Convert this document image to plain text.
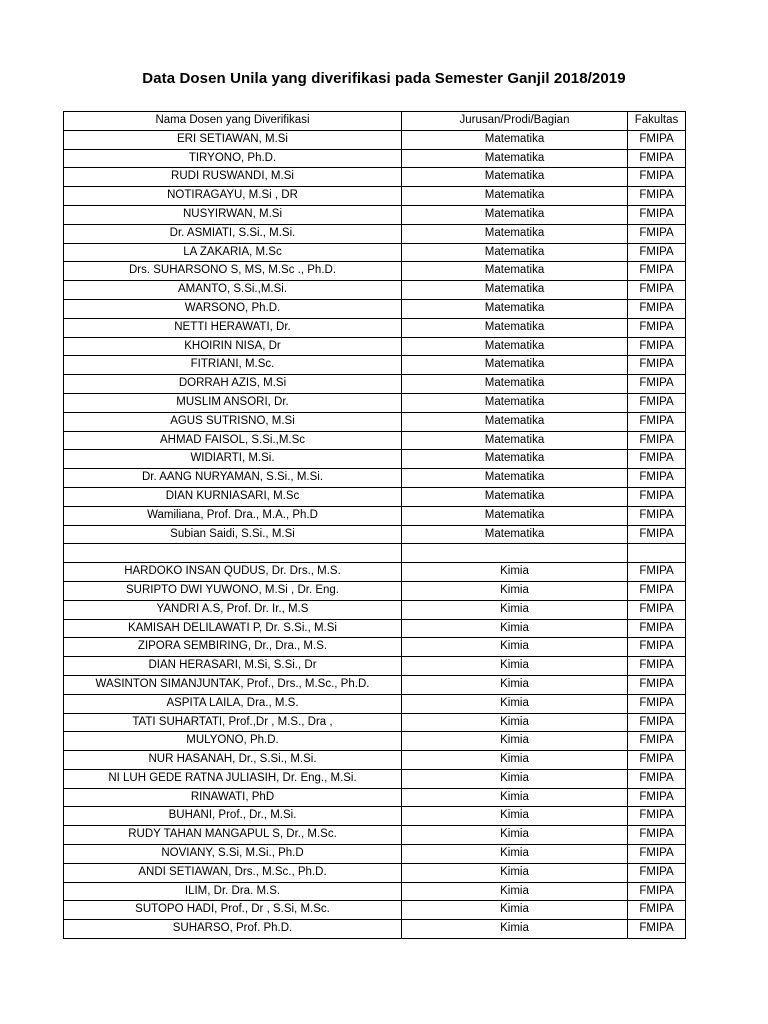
Data Dosen Unila yang diverifikasi pada Semester Ganjil 2018/2019
Nama Dosen yang Diverifikasi	Jurusan/Prodi/Bagian	Fakultas
ERI SETIAWAN, M.Si	Matematika	FMIPA
TIRYONO, Ph.D.	Matematika	FMIPA
RUDI RUSWANDI, M.Si	Matematika	FMIPA
NOTIRAGAYU, M.Si , DR	Matematika	FMIPA
NUSYIRWAN, M.Si	Matematika	FMIPA
Dr. ASMIATI, S.Si., M.Si.	Matematika	FMIPA
LA ZAKARIA, M.Sc	Matematika	FMIPA
Drs. SUHARSONO S, MS, M.Sc ., Ph.D.	Matematika	FMIPA
AMANTO, S.Si.,M.Si.	Matematika	FMIPA
WARSONO, Ph.D.	Matematika	FMIPA
NETTI HERAWATI, Dr.	Matematika	FMIPA
KHOIRIN NISA, Dr	Matematika	FMIPA
FITRIANI, M.Sc.	Matematika	FMIPA
DORRAH AZIS, M.Si	Matematika	FMIPA
MUSLIM ANSORI, Dr.	Matematika	FMIPA
AGUS SUTRISNO, M.Si	Matematika	FMIPA
AHMAD FAISOL, S.Si.,M.Sc	Matematika	FMIPA
WIDIARTI, M.Si.	Matematika	FMIPA
Dr. AANG NURYAMAN, S.Si., M.Si.	Matematika	FMIPA
DIAN KURNIASARI, M.Sc	Matematika	FMIPA
Wamiliana, Prof. Dra., M.A., Ph.D	Matematika	FMIPA
Subian Saidi, S.Si., M.Si	Matematika	FMIPA

HARDOKO INSAN QUDUS, Dr. Drs., M.S.	Kimia	FMIPA
SURIPTO DWI YUWONO, M.Si , Dr. Eng.	Kimia	FMIPA
YANDRI A.S, Prof. Dr. Ir., M.S	Kimia	FMIPA
KAMISAH DELILAWATI P, Dr. S.Si., M.Si	Kimia	FMIPA
ZIPORA SEMBIRING, Dr., Dra., M.S.	Kimia	FMIPA
DIAN HERASARI, M.Si, S.Si., Dr	Kimia	FMIPA
WASINTON SIMANJUNTAK, Prof., Drs., M.Sc., Ph.D.	Kimia	FMIPA
ASPITA LAILA, Dra., M.S.	Kimia	FMIPA
TATI SUHARTATI, Prof.,Dr , M.S., Dra ,	Kimia	FMIPA
MULYONO, Ph.D.	Kimia	FMIPA
NUR HASANAH, Dr., S.Si., M.Si.	Kimia	FMIPA
NI LUH GEDE RATNA JULIASIH, Dr. Eng., M.Si.	Kimia	FMIPA
RINAWATI, PhD	Kimia	FMIPA
BUHANI, Prof., Dr., M.Si.	Kimia	FMIPA
RUDY TAHAN MANGAPUL S, Dr., M.Sc.	Kimia	FMIPA
NOVIANY, S.Si, M.Si., Ph.D	Kimia	FMIPA
ANDI SETIAWAN, Drs., M.Sc., Ph.D.	Kimia	FMIPA
ILIM, Dr. Dra. M.S.	Kimia	FMIPA
SUTOPO HADI, Prof., Dr , S.Si, M.Sc.	Kimia	FMIPA
SUHARSO, Prof. Ph.D.	Kimia	FMIPA
